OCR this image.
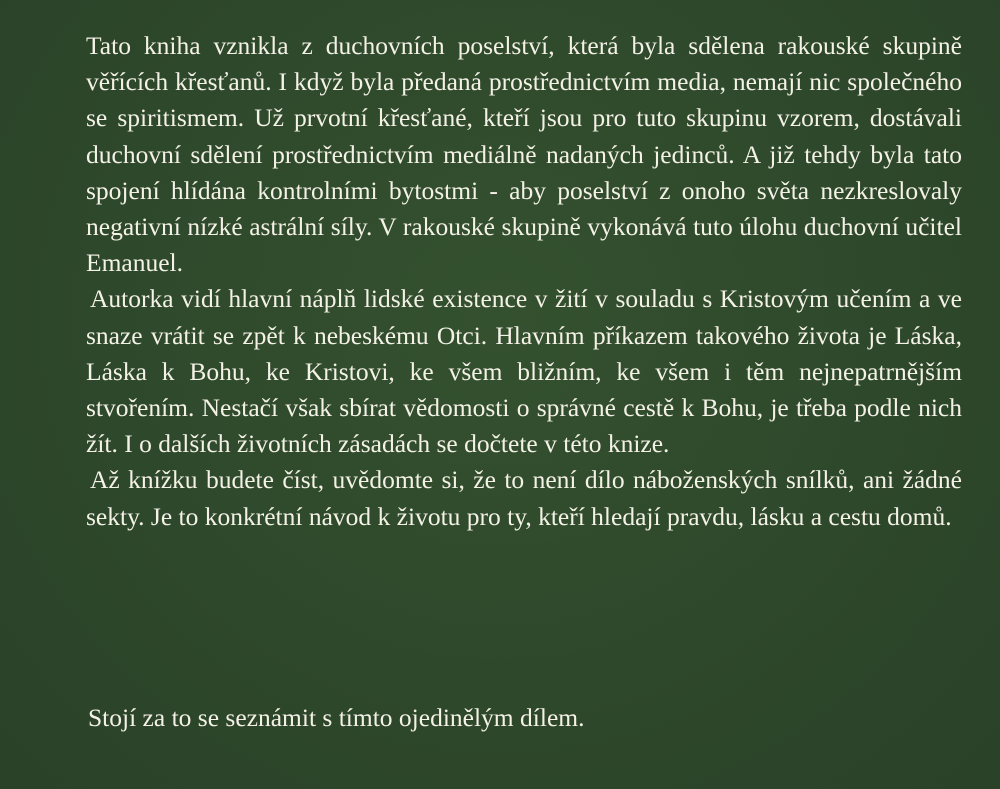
Tato kniha vznikla z duchovních poselství, která byla sdělena rakouské skupině věřících křesťanů. I když byla předaná prostřednictvím media, nemají nic společného se spiritismem. Už prvotní křesťané, kteří jsou pro tuto skupinu vzorem, dostávali duchovní sdělení prostřednictvím mediálně nadaných jedinců. A již tehdy byla tato spojení hlídána kontrolními bytostmi - aby poselství z onoho světa nezkreslovaly negativní nízké astrální síly. V rakouské skupině vykonává tuto úlohu duchovní učitel Emanuel.

Autorka vidí hlavní náplň lidské existence v žití v souladu s Kristovým učením a ve snaze vrátit se zpět k nebeskému Otci. Hlavním příkazem takového života je Láska, Láska k Bohu, ke Kristovi, ke všem bližním, ke všem i těm nejnepatrnějším stvořením. Nestačí však sbírat vědomosti o správné cestě k Bohu, je třeba podle nich žít. I o dalších životních zásadách se dočtete v této knize.

Až knížku budete číst, uvědomte si, že to není dílo náboženských snílků, ani žádné sekty. Je to konkrétní návod k životu pro ty, kteří hledají pravdu, lásku a cestu domů.

Stojí za to se seznámit s tímto ojedinělým dílem.
